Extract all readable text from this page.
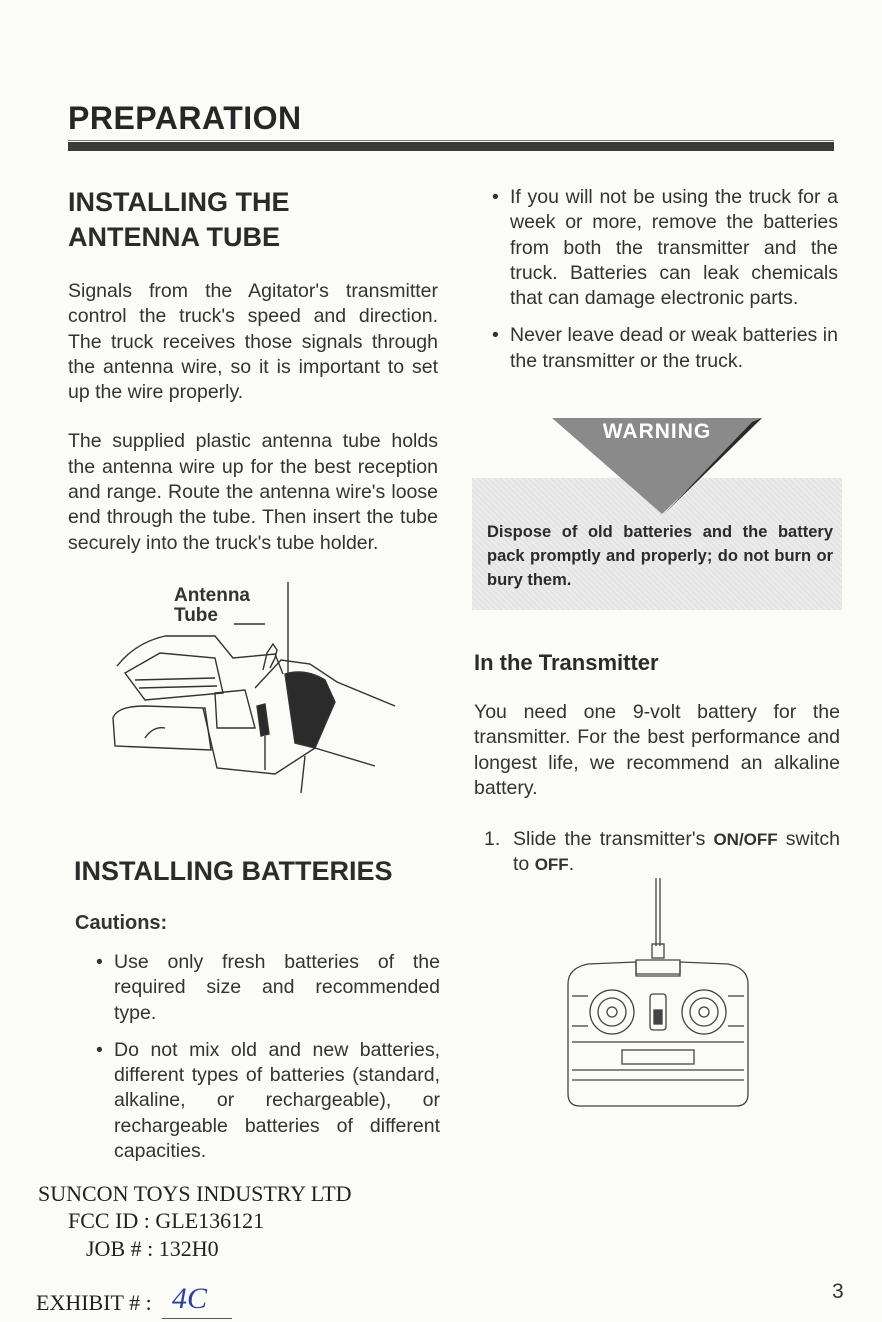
PREPARATION
INSTALLING THE
ANTENNA TUBE

Signals from the Agitator's transmitter control the truck's speed and direction. The truck receives those signals through the antenna wire, so it is important to set up the wire properly.

The supplied plastic antenna tube holds the antenna wire up for the best reception and range. Route the antenna wire's loose end through the tube. Then insert the tube securely into the truck's tube holder.

Antenna
Tube
INSTALLING BATTERIES
Cautions:
• Use only fresh batteries of the required size and recommended type.
• Do not mix old and new batteries, different types of batteries (standard, alkaline, or rechargeable), or rechargeable batteries of different capacities.
• If you will not be using the truck for a week or more, remove the batteries from both the transmitter and the truck. Batteries can leak chemicals that can damage electronic parts.
• Never leave dead or weak batteries in the transmitter or the truck.
WARNING
Dispose of old batteries and the battery pack promptly and properly; do not burn or bury them.
In the Transmitter

You need one 9-volt battery for the transmitter. For the best performance and longest life, we recommend an alkaline battery.

1. Slide the transmitter's ON/OFF switch to OFF.
SUNCON TOYS INDUSTRY LTD
FCC ID : GLE136121
JOB # : 132H0
EXHIBIT # : 4C	3
